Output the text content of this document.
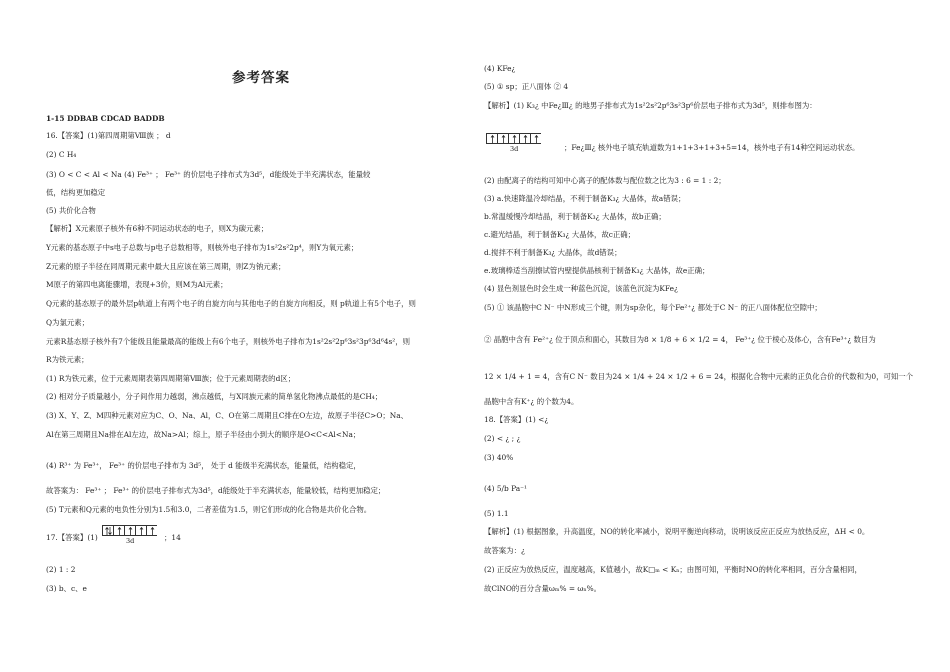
参考答案
1-15 DDBAB CDCAD BADDB
16.【答案】(1)第四周期第Ⅷ族 ； d
(2) C H₄
(3) O < C < Al < Na (4) Fe³⁺ ； Fe³⁺ 的价层电子排布式为3d⁵，d能级处于半充满状态，能量较
低，结构更加稳定
(5) 共价化合物
【解析】X元素原子核外有6种不同运动状态的电子，则X为碳元素；
Y元素的基态原子中s电子总数与p电子总数相等，则核外电子排布为1s²2s²2p⁴，则Y为氧元素；
Z元素的原子半径在同周期元素中最大且应该在第三周期，则Z为钠元素；
M原子的第四电离能骤增，表现+3价，则M为Al元素；
Q元素的基态原子的最外层p轨道上有两个电子的自旋方向与其他电子的自旋方向相反，则 p轨道上有5个电子，则
Q为氯元素；
元素R基态原子核外有7个能级且能量最高的能级上有6个电子，则核外电子排布为1s²2s²2p⁶3s²3p⁶3d⁶4s²，则
R为铁元素；
(1) R为铁元素，位于元素周期表第四周期第Ⅷ族；位于元素周期表的d区；
(2) 相对分子质量越小，分子间作用力越弱，沸点越低，与X同族元素的简单氢化物沸点最低的是CH₄；
(3) X、Y、Z、M四种元素对应为C、O、Na、Al，C、O在第二周期且C排在O左边，故原子半径C>O；Na、
Al在第三周期且Na排在Al左边，故Na>Al；综上，原子半径由小到大的顺序是O<C<Al<Na；
(4) R³⁺ 为 Fe³⁺， Fe³⁺ 的价层电子排布为 3d⁵， 处于 d 能级半充满状态，能量低，结构稳定，
故答案为： Fe³⁺ ； Fe³⁺ 的价层电子排布式为3d⁵，d能级处于半充满状态，能量较低，结构更加稳定；
(5) T元素和Q元素的电负性分别为1.5和3.0，二者差值为1.5，则它们形成的化合物是共价化合物。
17.【答案】(1)	3d	；14
(2) 1 : 2
(3) b、c、e
(4) KFe¿
(5) ① sp；正八面体 ② 4
【解析】(1) K₃¿ 中Fe¿Ⅲ¿ 的地男子排布式为1s²2s²2p⁶3s²3p⁶价层电子排布式为3d⁵，则排布图为：
3d	；Fe¿Ⅲ¿ 核外电子填充轨道数为1+1+3+1+3+5=14，核外电子有14种空间运动状态。
(2) 由配离子的结构可知中心离子的配体数与配位数之比为3 : 6 = 1 : 2；
(3) a.快速降温冷却结晶，不利于制备K₃¿ 大晶体，故a错误；
b.常温缓慢冷却结晶，利于制备K₃¿ 大晶体，故b正确；
c.避光结晶，利于制备K₃¿ 大晶体，故c正确；
d.搅拌不利于制备K₃¿ 大晶体，故d错误；
e.玻璃棒适当刮擦试管内壁提供晶核利于制备K₃¿ 大晶体，故e正确；
(4) 显色剂显色时会生成一种蓝色沉淀，该蓝色沉淀为KFe¿
(5) ① 该晶胞中C N⁻ 中N形成三个键，则为sp杂化，每个Fe²⁺¿ 都处于C N⁻ 的正八面体配位空隙中；
② 晶胞中含有 Fe²⁺¿ 位于顶点和面心，其数目为8 × 1/8 + 6 × 1/2 = 4， Fe³⁺¿ 位于棱心及体心，含有Fe³⁺¿ 数目为
12 × 1/4 + 1 = 4，含有C N⁻ 数目为24 × 1/4 + 24 × 1/2 + 6 = 24，根据化合物中元素的正负化合价的代数和为0，可知一个
晶胞中含有K⁺¿ 的个数为4。
18.【答案】(1) <¿
(2) < ¿ ; ¿
(3) 40%
(4) 5/b Pa⁻¹
(5) 1.1
【解析】(1) 根据图象，升高温度，NO的转化率减小，说明平衡逆向移动，说明该反应正反应为放热反应，ΔH < 0。
故答案为：¿
(2) 正反应为放热反应，温度越高，K值越小，故K□ₘ < Kₙ；由图可知，平衡时NO的转化率相同，百分含量相同，
故ClNO的百分含量ωₘ% = ωₙ%。
